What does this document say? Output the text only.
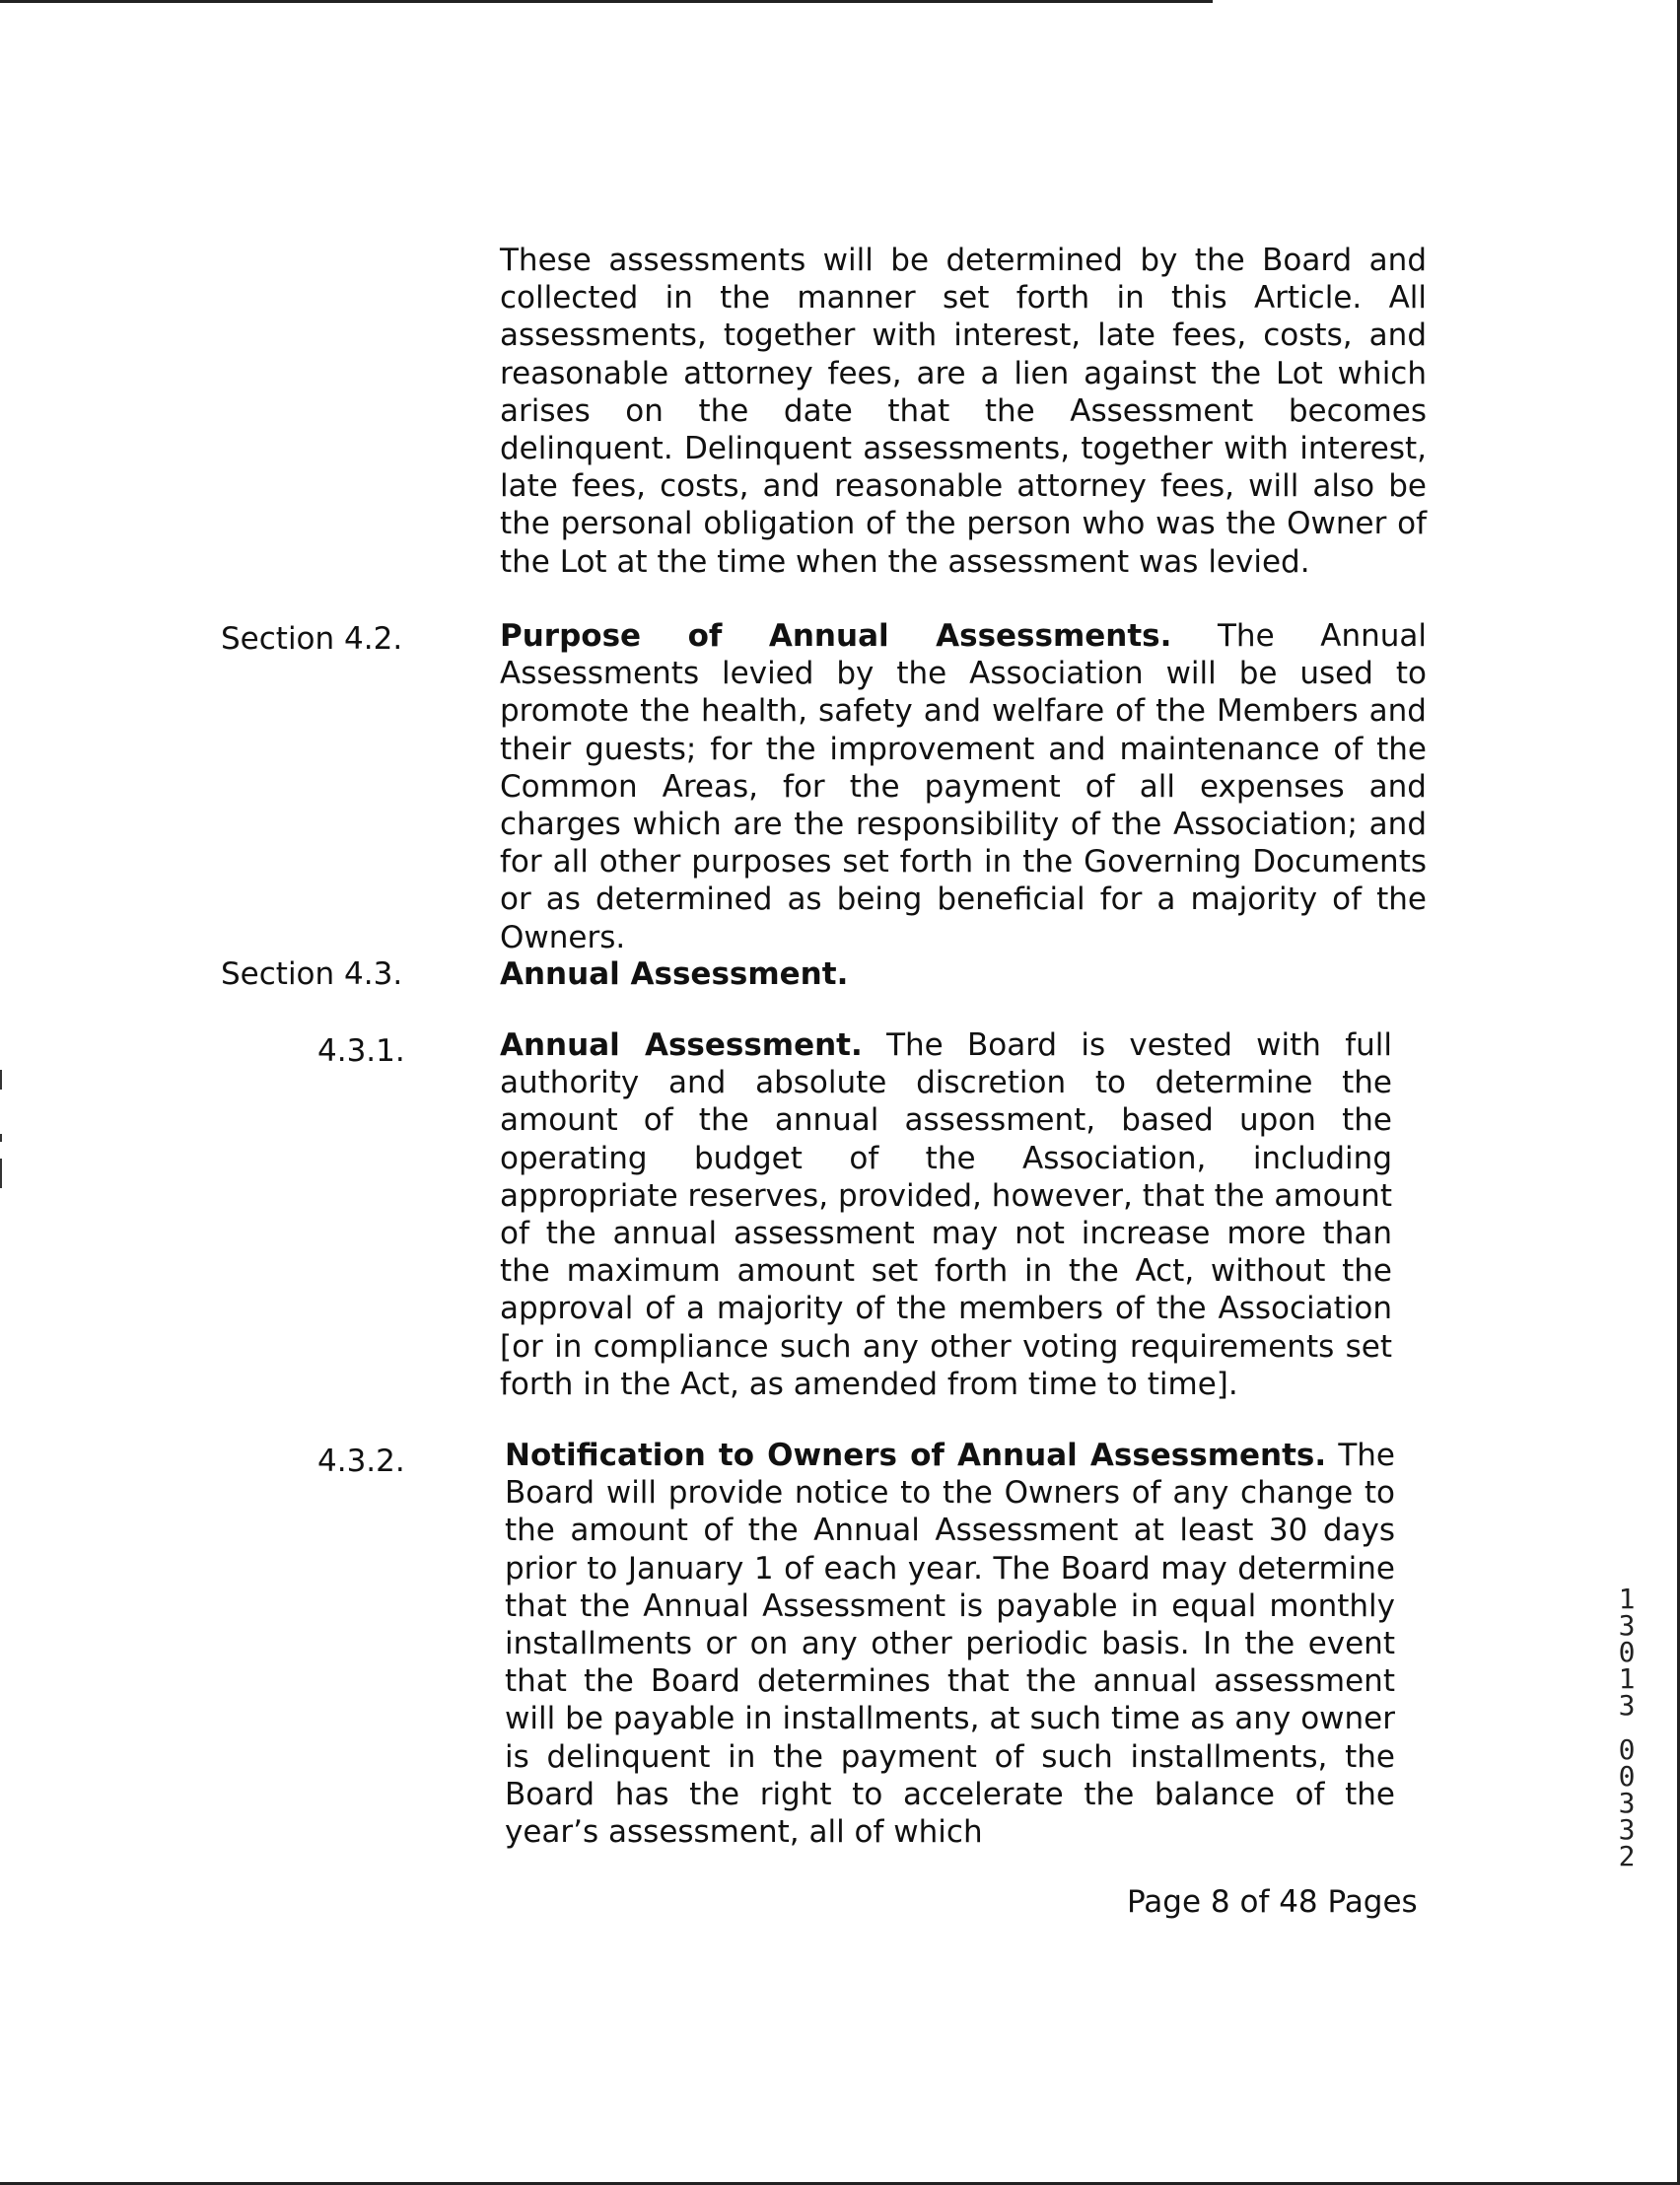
These assessments will be determined by the Board and collected in the manner set forth in this Article. All assessments, together with interest, late fees, costs, and reasonable attorney fees, are a lien against the Lot which arises on the date that the Assessment becomes delinquent. Delinquent assessments, together with interest, late fees, costs, and reasonable attorney fees, will also be the personal obligation of the person who was the Owner of the Lot at the time when the assessment was levied.
Section 4.2.	Purpose of Annual Assessments. The Annual Assessments levied by the Association will be used to promote the health, safety and welfare of the Members and their guests; for the improvement and maintenance of the Common Areas, for the payment of all expenses and charges which are the responsibility of the Association; and for all other purposes set forth in the Governing Documents or as determined as being beneficial for a majority of the Owners.
Section 4.3.	Annual Assessment.
4.3.1.	Annual Assessment. The Board is vested with full authority and absolute discretion to determine the amount of the annual assessment, based upon the operating budget of the Association, including appropriate reserves, provided, however, that the amount of the annual assessment may not increase more than the maximum amount set forth in the Act, without the approval of a majority of the members of the Association [or in compliance such any other voting requirements set forth in the Act, as amended from time to time].
4.3.2.	Notification to Owners of Annual Assessments. The Board will provide notice to the Owners of any change to the amount of the Annual Assessment at least 30 days prior to January 1 of each year. The Board may determine that the Annual Assessment is payable in equal monthly installments or on any other periodic basis. In the event that the Board determines that the annual assessment will be payable in installments, at such time as any owner is delinquent in the payment of such installments, the Board has the right to accelerate the balance of the year’s assessment, all of which
Page 8 of 48 Pages
1
3
0
1
3
0
0
3
3
2
